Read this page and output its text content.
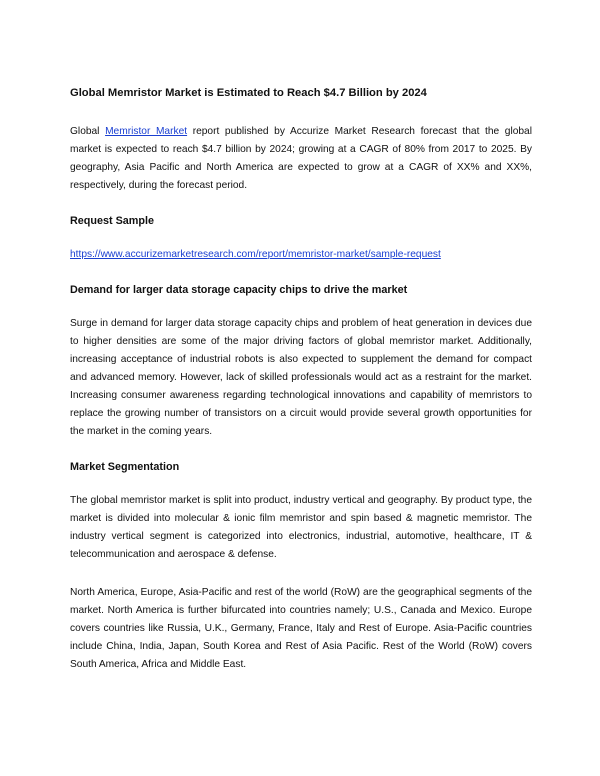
Global Memristor Market is Estimated to Reach $4.7 Billion by 2024

Global Memristor Market report published by Accurize Market Research forecast that the global market is expected to reach $4.7 billion by 2024; growing at a CAGR of 80% from 2017 to 2025. By geography, Asia Pacific and North America are expected to grow at a CAGR of XX% and XX%, respectively, during the forecast period.

Request Sample

https://www.accurizemarketresearch.com/report/memristor-market/sample-request

Demand for larger data storage capacity chips to drive the market

Surge in demand for larger data storage capacity chips and problem of heat generation in devices due to higher densities are some of the major driving factors of global memristor market. Additionally, increasing acceptance of industrial robots is also expected to supplement the demand for compact and advanced memory. However, lack of skilled professionals would act as a restraint for the market. Increasing consumer awareness regarding technological innovations and capability of memristors to replace the growing number of transistors on a circuit would provide several growth opportunities for the market in the coming years.

Market Segmentation

The global memristor market is split into product, industry vertical and geography. By product type, the market is divided into molecular & ionic film memristor and spin based & magnetic memristor. The industry vertical segment is categorized into electronics, industrial, automotive, healthcare, IT & telecommunication and aerospace & defense.

North America, Europe, Asia-Pacific and rest of the world (RoW) are the geographical segments of the market. North America is further bifurcated into countries namely; U.S., Canada and Mexico. Europe covers countries like Russia, U.K., Germany, France, Italy and Rest of Europe. Asia-Pacific countries include China, India, Japan, South Korea and Rest of Asia Pacific. Rest of the World (RoW) covers South America, Africa and Middle East.
